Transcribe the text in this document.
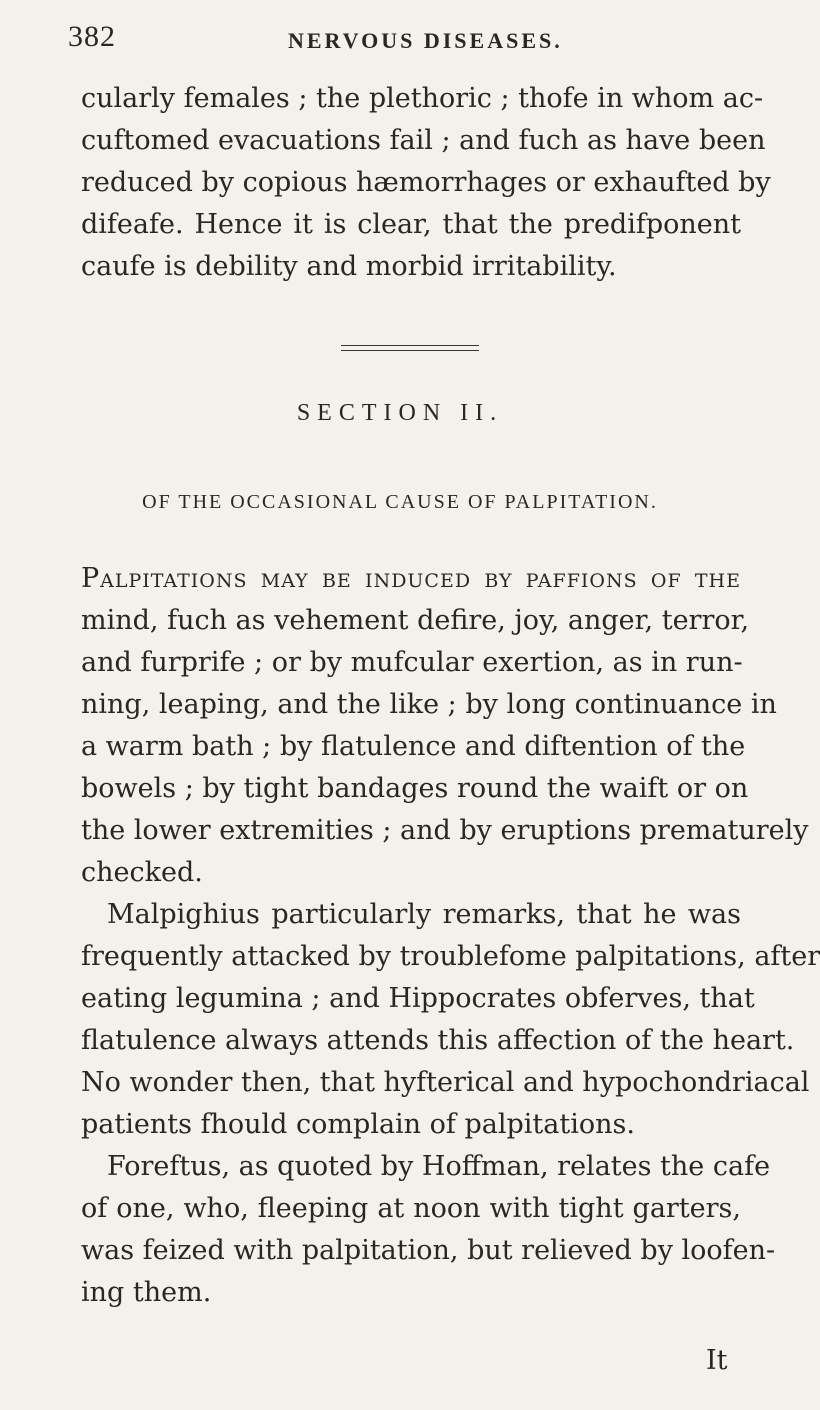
382	NERVOUS DISEASES.
cularly females ; the plethoric ; thofe in whom ac-
cuftomed evacuations fail ; and fuch as have been
reduced by copious hæmorrhages or exhaufted by
difeafe. Hence it is clear, that the predifponent
caufe is debility and morbid irritability.
SECTION II.
OF THE OCCASIONAL CAUSE OF PALPITATION.
Palpitations may be induced by paffions of the
mind, fuch as vehement defire, joy, anger, terror,
and furprife ; or by mufcular exertion, as in run-
ning, leaping, and the like ; by long continuance in
a warm bath ; by flatulence and diftention of the
bowels ; by tight bandages round the waift or on
the lower extremities ; and by eruptions prematurely
checked.
Malpighius particularly remarks, that he was
frequently attacked by troublefome palpitations, after
eating legumina ; and Hippocrates obferves, that
flatulence always attends this affection of the heart.
No wonder then, that hyfterical and hypochondriacal
patients fhould complain of palpitations.
Foreftus, as quoted by Hoffman, relates the cafe
of one, who, fleeping at noon with tight garters,
was feized with palpitation, but relieved by loofen-
ing them.
It
